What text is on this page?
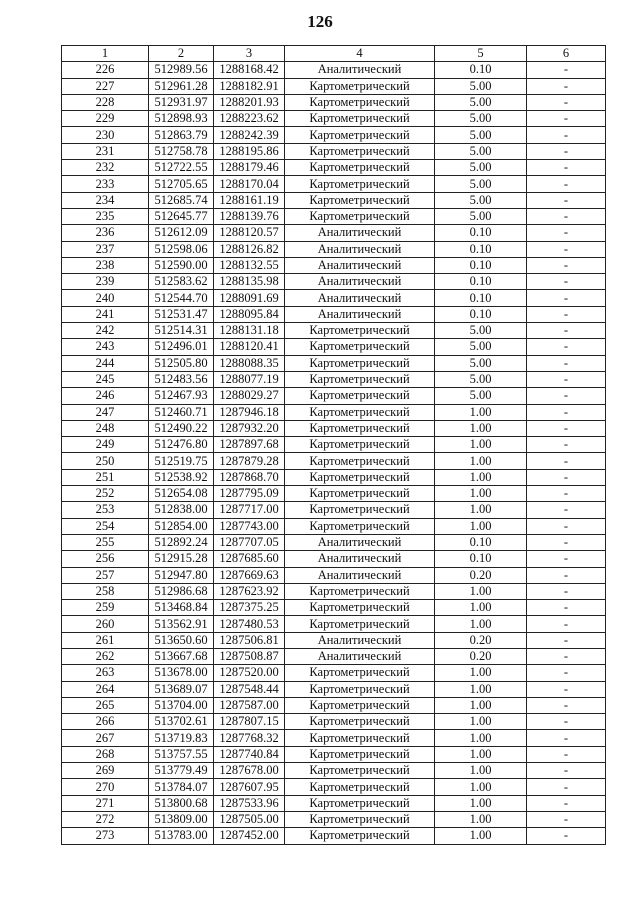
126
1	2	3	4	5	6
226	512989.56	1288168.42	Аналитический	0.10	-
227	512961.28	1288182.91	Картометрический	5.00	-
228	512931.97	1288201.93	Картометрический	5.00	-
229	512898.93	1288223.62	Картометрический	5.00	-
230	512863.79	1288242.39	Картометрический	5.00	-
231	512758.78	1288195.86	Картометрический	5.00	-
232	512722.55	1288179.46	Картометрический	5.00	-
233	512705.65	1288170.04	Картометрический	5.00	-
234	512685.74	1288161.19	Картометрический	5.00	-
235	512645.77	1288139.76	Картометрический	5.00	-
236	512612.09	1288120.57	Аналитический	0.10	-
237	512598.06	1288126.82	Аналитический	0.10	-
238	512590.00	1288132.55	Аналитический	0.10	-
239	512583.62	1288135.98	Аналитический	0.10	-
240	512544.70	1288091.69	Аналитический	0.10	-
241	512531.47	1288095.84	Аналитический	0.10	-
242	512514.31	1288131.18	Картометрический	5.00	-
243	512496.01	1288120.41	Картометрический	5.00	-
244	512505.80	1288088.35	Картометрический	5.00	-
245	512483.56	1288077.19	Картометрический	5.00	-
246	512467.93	1288029.27	Картометрический	5.00	-
247	512460.71	1287946.18	Картометрический	1.00	-
248	512490.22	1287932.20	Картометрический	1.00	-
249	512476.80	1287897.68	Картометрический	1.00	-
250	512519.75	1287879.28	Картометрический	1.00	-
251	512538.92	1287868.70	Картометрический	1.00	-
252	512654.08	1287795.09	Картометрический	1.00	-
253	512838.00	1287717.00	Картометрический	1.00	-
254	512854.00	1287743.00	Картометрический	1.00	-
255	512892.24	1287707.05	Аналитический	0.10	-
256	512915.28	1287685.60	Аналитический	0.10	-
257	512947.80	1287669.63	Аналитический	0.20	-
258	512986.68	1287623.92	Картометрический	1.00	-
259	513468.84	1287375.25	Картометрический	1.00	-
260	513562.91	1287480.53	Картометрический	1.00	-
261	513650.60	1287506.81	Аналитический	0.20	-
262	513667.68	1287508.87	Аналитический	0.20	-
263	513678.00	1287520.00	Картометрический	1.00	-
264	513689.07	1287548.44	Картометрический	1.00	-
265	513704.00	1287587.00	Картометрический	1.00	-
266	513702.61	1287807.15	Картометрический	1.00	-
267	513719.83	1287768.32	Картометрический	1.00	-
268	513757.55	1287740.84	Картометрический	1.00	-
269	513779.49	1287678.00	Картометрический	1.00	-
270	513784.07	1287607.95	Картометрический	1.00	-
271	513800.68	1287533.96	Картометрический	1.00	-
272	513809.00	1287505.00	Картометрический	1.00	-
273	513783.00	1287452.00	Картометрический	1.00	-
